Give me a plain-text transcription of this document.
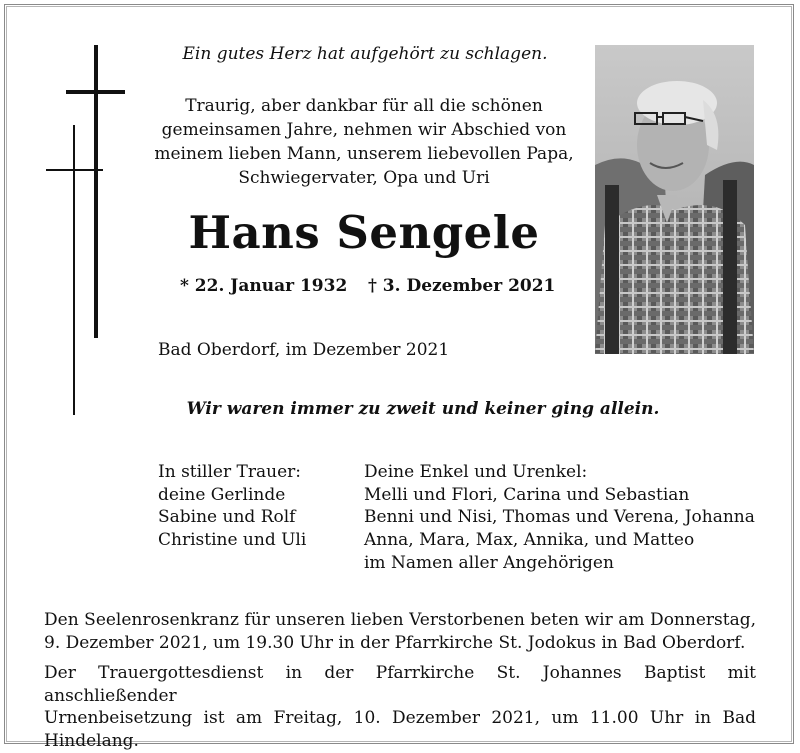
Ein gutes Herz hat aufgehört zu schlagen.
Traurig, aber dankbar für all die schönen
gemeinsamen Jahre, nehmen wir Abschied von
meinem lieben Mann, unserem liebevollen Papa,
Schwiegervater, Opa und Uri
Hans Sengele
* 22. Januar 1932 † 3. Dezember 2021
Bad Oberdorf, im Dezember 2021
Wir waren immer zu zweit und keiner ging allein.
In stiller Trauer:
deine Gerlinde
Sabine und Rolf
Christine und Uli
Deine Enkel und Urenkel:
Melli und Flori, Carina und Sebastian
Benni und Nisi, Thomas und Verena, Johanna
Anna, Mara, Max, Annika, und Matteo
im Namen aller Angehörigen
Den Seelenrosenkranz für unseren lieben Verstorbenen beten wir am Donnerstag,
9. Dezember 2021, um 19.30 Uhr in der Pfarrkirche St. Jodokus in Bad Oberdorf.
Der Trauergottesdienst in der Pfarrkirche St. Johannes Baptist mit anschließender
Urnenbeisetzung ist am Freitag, 10. Dezember 2021, um 11.00 Uhr in Bad Hindelang.
